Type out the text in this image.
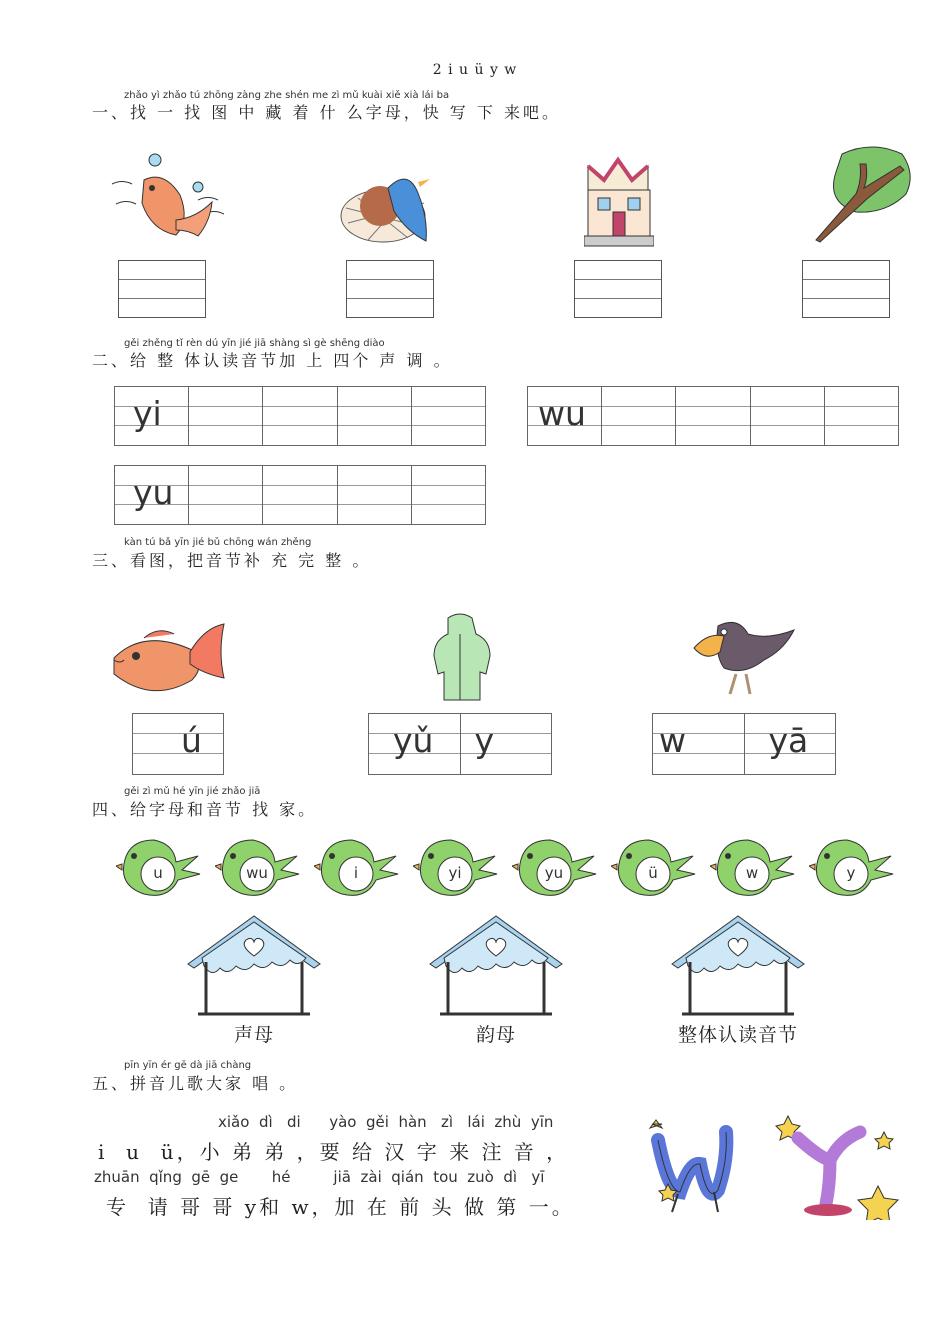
2 i u ü y w
zhǎo yì zhǎo tú zhōng zàng zhe shén me zì mǔ kuài xiě xià lái ba
一、找 一 找 图 中 藏 着 什 么字母，快 写 下 来吧。
gěi zhěng tǐ rèn dú yīn jié jiā shàng sì gè shēng diào
二、给 整 体认读音节加 上 四个 声 调 。
yi	wu
yu
kàn tú bǎ yīn jié bǔ chōng wán zhěng
三、看图，把音节补 充 完 整 。
ú	yǔ y	w	yā
gěi zì mǔ hé yīn jié zhǎo jiā
四、给字母和音节 找 家。
u	wu	i	yi	yu	ü	w	y
声母	韵母	整体认读音节
pīn yīn ér gē dà jiā chàng
五、拼音儿歌大家 唱 。
xiǎo  dì   di      yào  gěi  hàn   zì   lái  zhù  yīn
i  u  ü，小 弟 弟 ，要 给 汉 字 来 注 音 ，
zhuān  qǐng  gē  ge       hé         jiā  zài  qián  tou  zuò  dì   yī
专  请 哥 哥 y和 w，加 在 前 头 做 第 一。
